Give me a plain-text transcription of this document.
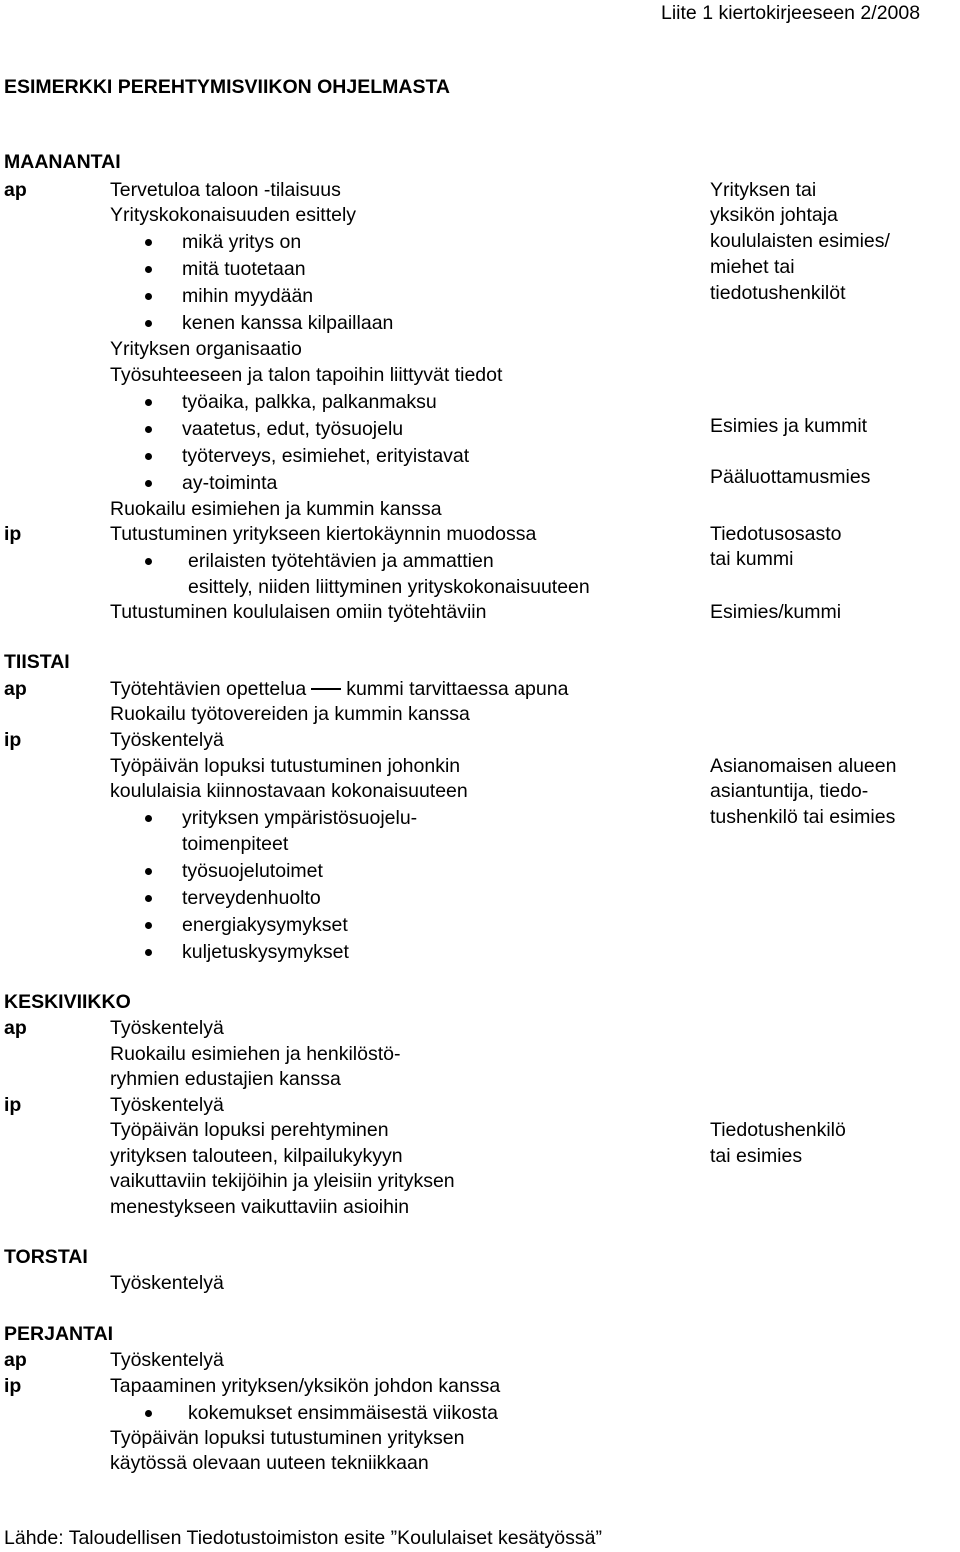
Liite 1 kiertokirjeeseen 2/2008
ESIMERKKI PEREHTYMISVIIKON OHJELMASTA
MAANANTAI
ap
ip
Tervetuloa taloon -tilaisuus
Yrityskokonaisuuden esittely
mikä yritys on
mitä tuotetaan
mihin myydään
kenen kanssa kilpaillaan
Yrityksen organisaatio
Työsuhteeseen ja talon tapoihin liittyvät tiedot
työaika, palkka, palkanmaksu
vaatetus, edut, työsuojelu
työterveys, esimiehet, erityistavat
ay-toiminta
Ruokailu esimiehen ja kummin kanssa
Tutustuminen yritykseen kiertokäynnin muodossa
erilaisten työtehtävien ja ammattien
esittely, niiden liittyminen yrityskokonaisuuteen
Tutustuminen koululaisen omiin työtehtäviin
Yrityksen tai
yksikön johtaja
koululaisten esimies/
miehet tai
tiedotushenkilöt
Esimies ja kummit
Pääluottamusmies
Tiedotusosasto
tai kummi
Esimies/kummi
TIISTAI
ap
ip
Työtehtävien opettelua kummi tarvittaessa apuna
Ruokailu työtovereiden ja kummin kanssa
Työskentelyä
Työpäivän lopuksi tutustuminen johonkin
koululaisia kiinnostavaan kokonaisuuteen
yrityksen ympäristösuojelu-
toimenpiteet
työsuojelutoimet
terveydenhuolto
energiakysymykset
kuljetuskysymykset
Asianomaisen alueen
asiantuntija, tiedo-
tushenkilö tai esimies
KESKIVIIKKO
ap
ip
Työskentelyä
Ruokailu esimiehen ja henkilöstö-
ryhmien edustajien kanssa
Työskentelyä
Työpäivän lopuksi perehtyminen
yrityksen talouteen, kilpailukykyyn
vaikuttaviin tekijöihin ja yleisiin yrityksen
menestykseen vaikuttaviin asioihin
Tiedotushenkilö
tai esimies
TORSTAI
Työskentelyä
PERJANTAI
ap
ip
Työskentelyä
Tapaaminen yrityksen/yksikön johdon kanssa
kokemukset ensimmäisestä viikosta
Työpäivän lopuksi tutustuminen yrityksen
käytössä olevaan uuteen tekniikkaan
Lähde: Taloudellisen Tiedotustoimiston esite ”Koululaiset kesätyössä”
